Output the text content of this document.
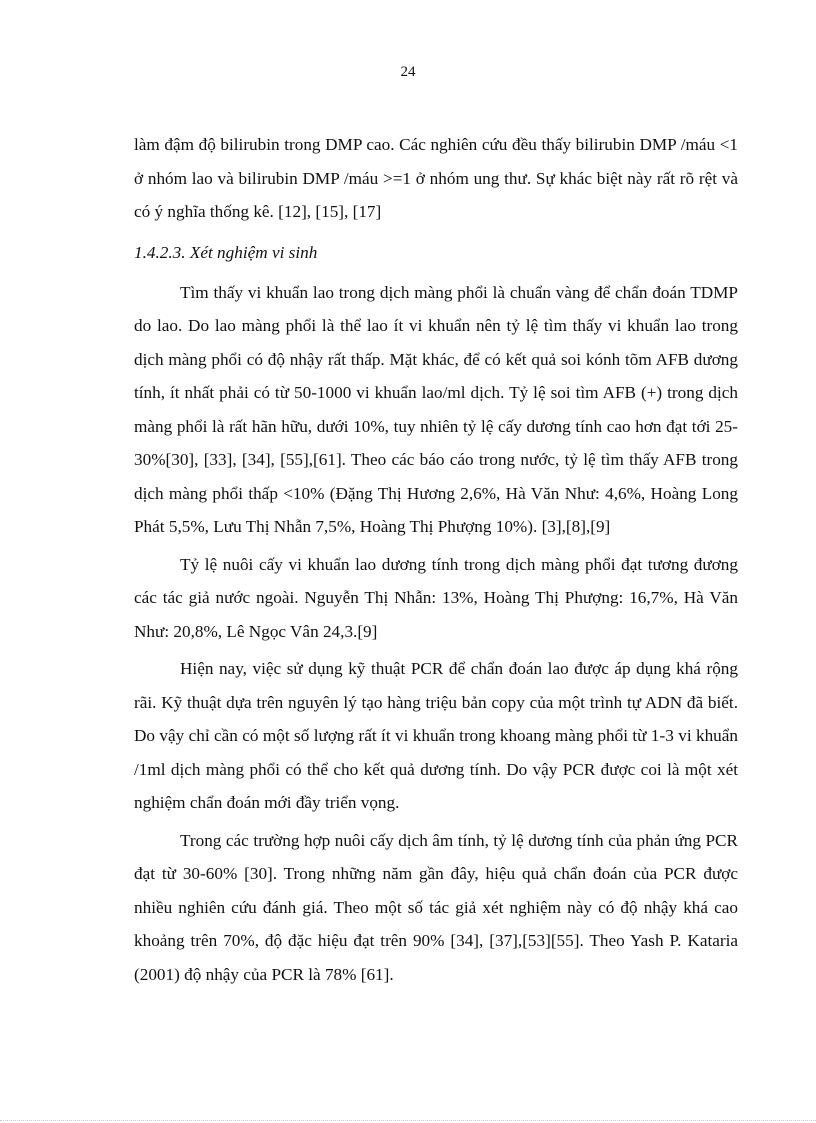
24

làm đậm độ bilirubin trong DMP cao. Các nghiên cứu đều thấy bilirubin DMP /máu <1 ở nhóm lao và bilirubin DMP /máu >=1 ở nhóm ung thư. Sự khác biệt này rất rõ rệt và có ý nghĩa thống kê. [12], [15], [17]

1.4.2.3. Xét nghiệm vi sinh

Tìm thấy vi khuẩn lao trong dịch màng phổi là chuẩn vàng để chẩn đoán TDMP do lao. Do lao màng phổi là thể lao ít vi khuẩn nên tỷ lệ tìm thấy vi khuẩn lao trong dịch màng phổi có độ nhậy rất thấp. Mặt khác, để có kết quả soi kónh tõm AFB dương tính, ít nhất phải có từ 50-1000 vi khuẩn lao/ml dịch. Tỷ lệ soi tìm AFB (+) trong dịch màng phổi là rất hãn hữu, dưới 10%, tuy nhiên tỷ lệ cấy dương tính cao hơn đạt tới 25-30%[30], [33], [34], [55],[61]. Theo các báo cáo trong nước, tỷ lệ tìm thấy AFB trong dịch màng phổi thấp <10% (Đặng Thị Hương 2,6%, Hà Văn Như: 4,6%, Hoàng Long Phát 5,5%, Lưu Thị Nhẫn 7,5%, Hoàng Thị Phượng 10%). [3],[8],[9]

Tỷ lệ nuôi cấy vi khuẩn lao dương tính trong dịch màng phổi đạt tương đương các tác giả nước ngoài. Nguyễn Thị Nhẫn: 13%, Hoàng Thị Phượng: 16,7%, Hà Văn Như: 20,8%, Lê Ngọc Vân 24,3.[9]

Hiện nay, việc sử dụng kỹ thuật PCR để chẩn đoán lao được áp dụng khá rộng rãi. Kỹ thuật dựa trên nguyên lý tạo hàng triệu bản copy của một trình tự ADN đã biết. Do vậy chỉ cần có một số lượng rất ít vi khuẩn trong khoang màng phổi từ 1-3 vi khuẩn /1ml dịch màng phổi có thể cho kết quả dương tính. Do vậy PCR được coi là một xét nghiệm chẩn đoán mới đầy triển vọng.

Trong các trường hợp nuôi cấy dịch âm tính, tỷ lệ dương tính của phản ứng PCR đạt từ 30-60% [30]. Trong những năm gần đây, hiệu quả chẩn đoán của PCR được nhiều nghiên cứu đánh giá. Theo một số tác giả xét nghiệm này có độ nhậy khá cao khoảng trên 70%, độ đặc hiệu đạt trên 90% [34], [37],[53][55]. Theo Yash P. Kataria (2001) độ nhậy của PCR là 78% [61].
